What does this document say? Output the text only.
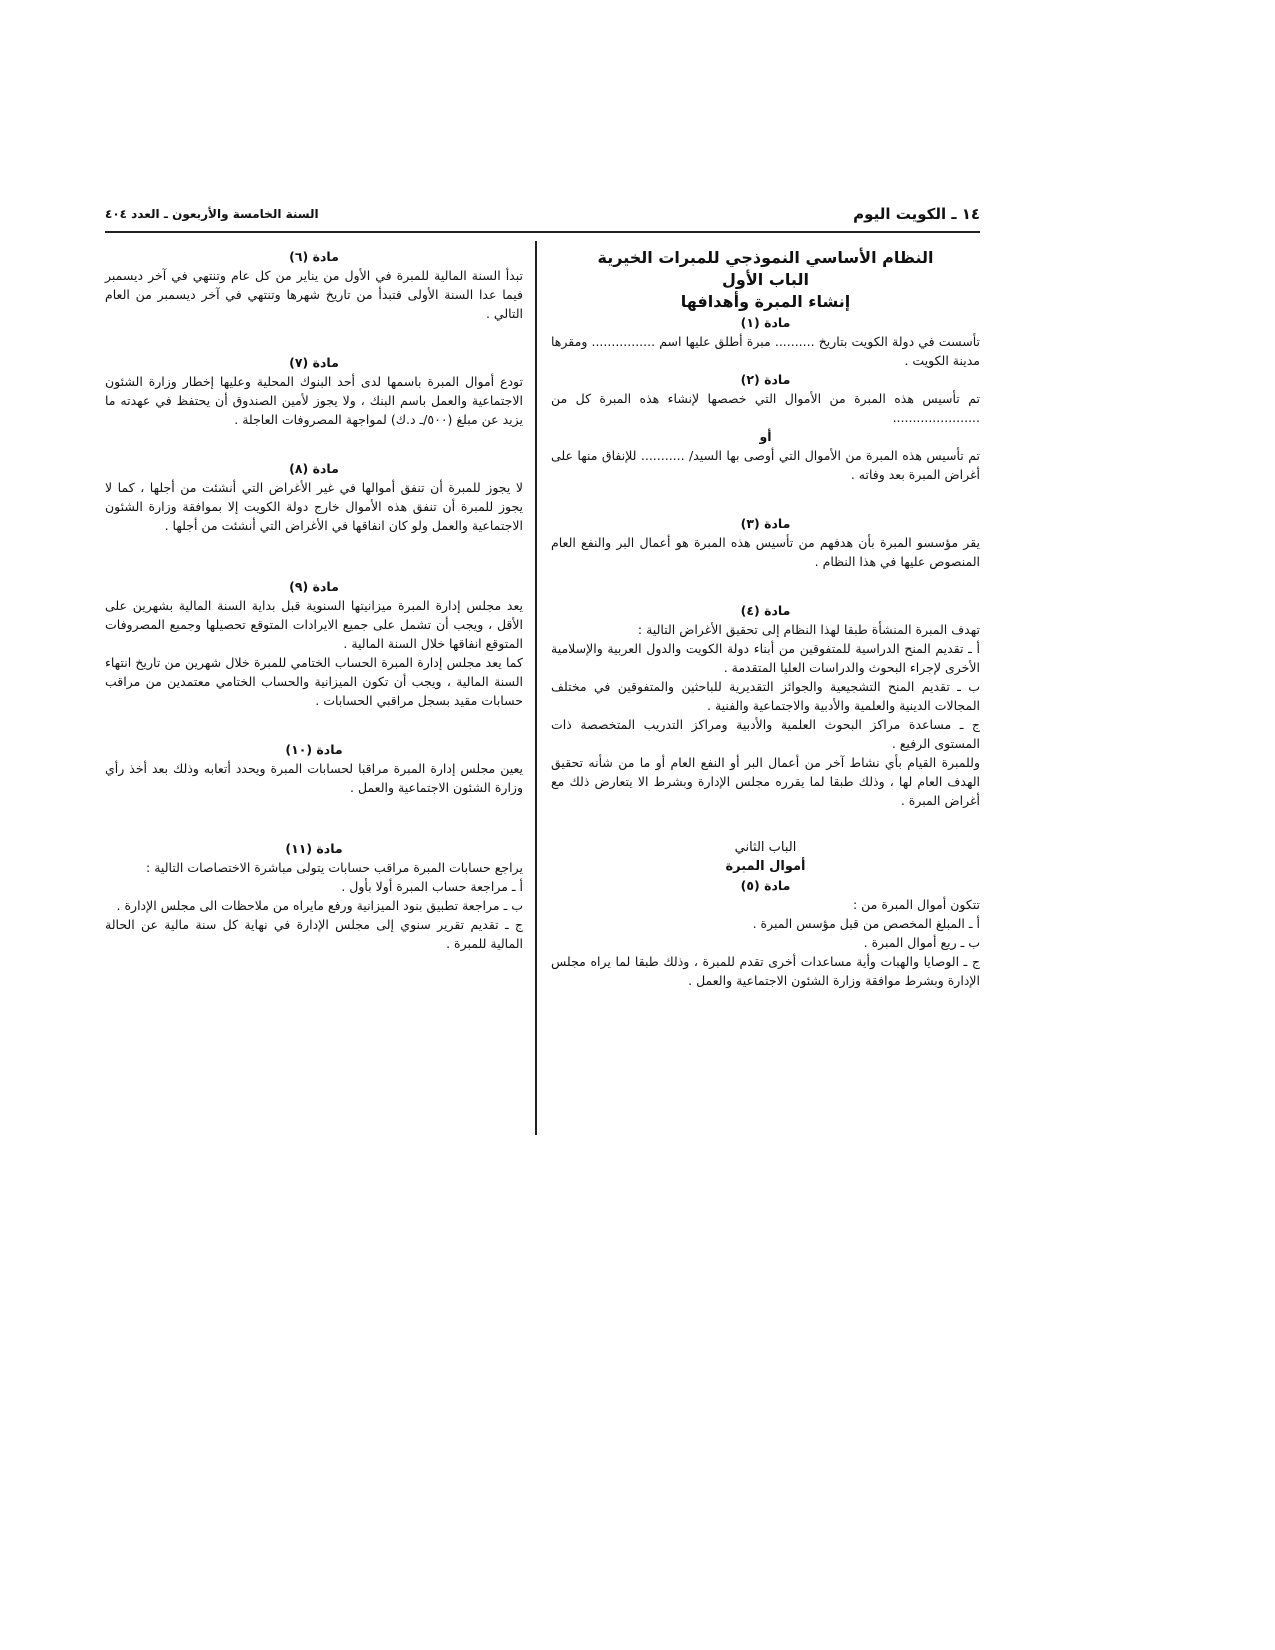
١٤ ـ الكويت اليوم
السنة الخامسة والأربعون ـ العدد ٤٠٤

النظام الأساسي النموذجي للمبرات الخيرية

الباب الأول

إنشاء المبرة وأهدافها

مادة (١)

تأسست في دولة الكويت بتاريخ .......... مبرة أطلق عليها اسم ................ ومقرها مدينة الكويت .

مادة (٢)

تم تأسيس هذه المبرة من الأموال التي خصصها لإنشاء هذه المبرة كل من ......................

أو

تم تأسيس هذه المبرة من الأموال التي أوصى بها السيد/ ........... للإنفاق منها على أغراض المبرة بعد وفاته .

مادة (٣)

يقر مؤسسو المبرة بأن هدفهم من تأسيس هذه المبرة هو أعمال البر والنفع العام المنصوص عليها في هذا النظام .

مادة (٤)

تهدف المبرة المنشأة طبقا لهذا النظام إلى تحقيق الأغراض التالية :

أ ـ تقديم المنح الدراسية للمتفوقين من أبناء دولة الكويت والدول العربية والإسلامية الأخرى لإجراء البحوث والدراسات العليا المتقدمة .

ب ـ تقديم المنح التشجيعية والجوائز التقديرية للباحثين والمتفوقين في مختلف المجالات الدينية والعلمية والأدبية والاجتماعية والفنية .

ج ـ مساعدة مراكز البحوث العلمية والأدبية ومراكز التدريب المتخصصة ذات المستوى الرفيع .

وللمبرة القيام بأي نشاط آخر من أعمال البر أو النفع العام أو ما من شأنه تحقيق الهدف العام لها ، وذلك طبقا لما يقرره مجلس الإدارة وبشرط الا يتعارض ذلك مع أغراض المبرة .

الباب الثاني

أموال المبرة

مادة (٥)

تتكون أموال المبرة من :

أ ـ المبلغ المخصص من قبل مؤسس المبرة .

ب ـ ريع أموال المبرة .

ج ـ الوصايا والهبات وأية مساعدات أخرى تقدم للمبرة ، وذلك طبقا لما يراه مجلس الإدارة وبشرط موافقة وزارة الشئون الاجتماعية والعمل .

مادة (٦)

تبدأ السنة المالية للمبرة في الأول من يناير من كل عام وتنتهي في آخر ديسمبر فيما عدا السنة الأولى فتبدأ من تاريخ شهرها وتنتهي في آخر ديسمبر من العام التالي .

مادة (٧)

تودع أموال المبرة باسمها لدى أحد البنوك المحلية وعليها إخطار وزارة الشئون الاجتماعية والعمل باسم البنك ، ولا يجوز لأمين الصندوق أن يحتفظ في عهدته ما يزيد عن مبلغ (٥٠٠/ـ د.ك) لمواجهة المصروفات العاجلة .

مادة (٨)

لا يجوز للمبرة أن تنفق أموالها في غير الأغراض التي أنشئت من أجلها ، كما لا يجوز للمبرة أن تنفق هذه الأموال خارج دولة الكويت إلا بموافقة وزارة الشئون الاجتماعية والعمل ولو كان انفاقها في الأغراض التي أنشئت من أجلها .

مادة (٩)

يعد مجلس إدارة المبرة ميزانيتها السنوية قبل بداية السنة المالية بشهرين على الأقل ، ويجب أن تشمل على جميع الايرادات المتوقع تحصيلها وجميع المصروفات المتوقع انفاقها خلال السنة المالية .

كما يعد مجلس إدارة المبرة الحساب الختامي للمبرة خلال شهرين من تاريخ انتهاء السنة المالية ، ويجب أن تكون الميزانية والحساب الختامي معتمدين من مراقب حسابات مقيد بسجل مراقبي الحسابات .

مادة (١٠)

يعين مجلس إدارة المبرة مراقبا لحسابات المبرة ويحدد أتعابه وذلك بعد أخذ رأي وزارة الشئون الاجتماعية والعمل .

مادة (١١)

يراجع حسابات المبرة مراقب حسابات يتولى مباشرة الاختصاصات التالية :

أ ـ مراجعة حساب المبرة أولا بأول .

ب ـ مراجعة تطبيق بنود الميزانية ورفع مايراه من ملاحظات الى مجلس الإدارة .

ج ـ تقديم تقرير سنوي إلى مجلس الإدارة في نهاية كل سنة مالية عن الحالة المالية للمبرة .
